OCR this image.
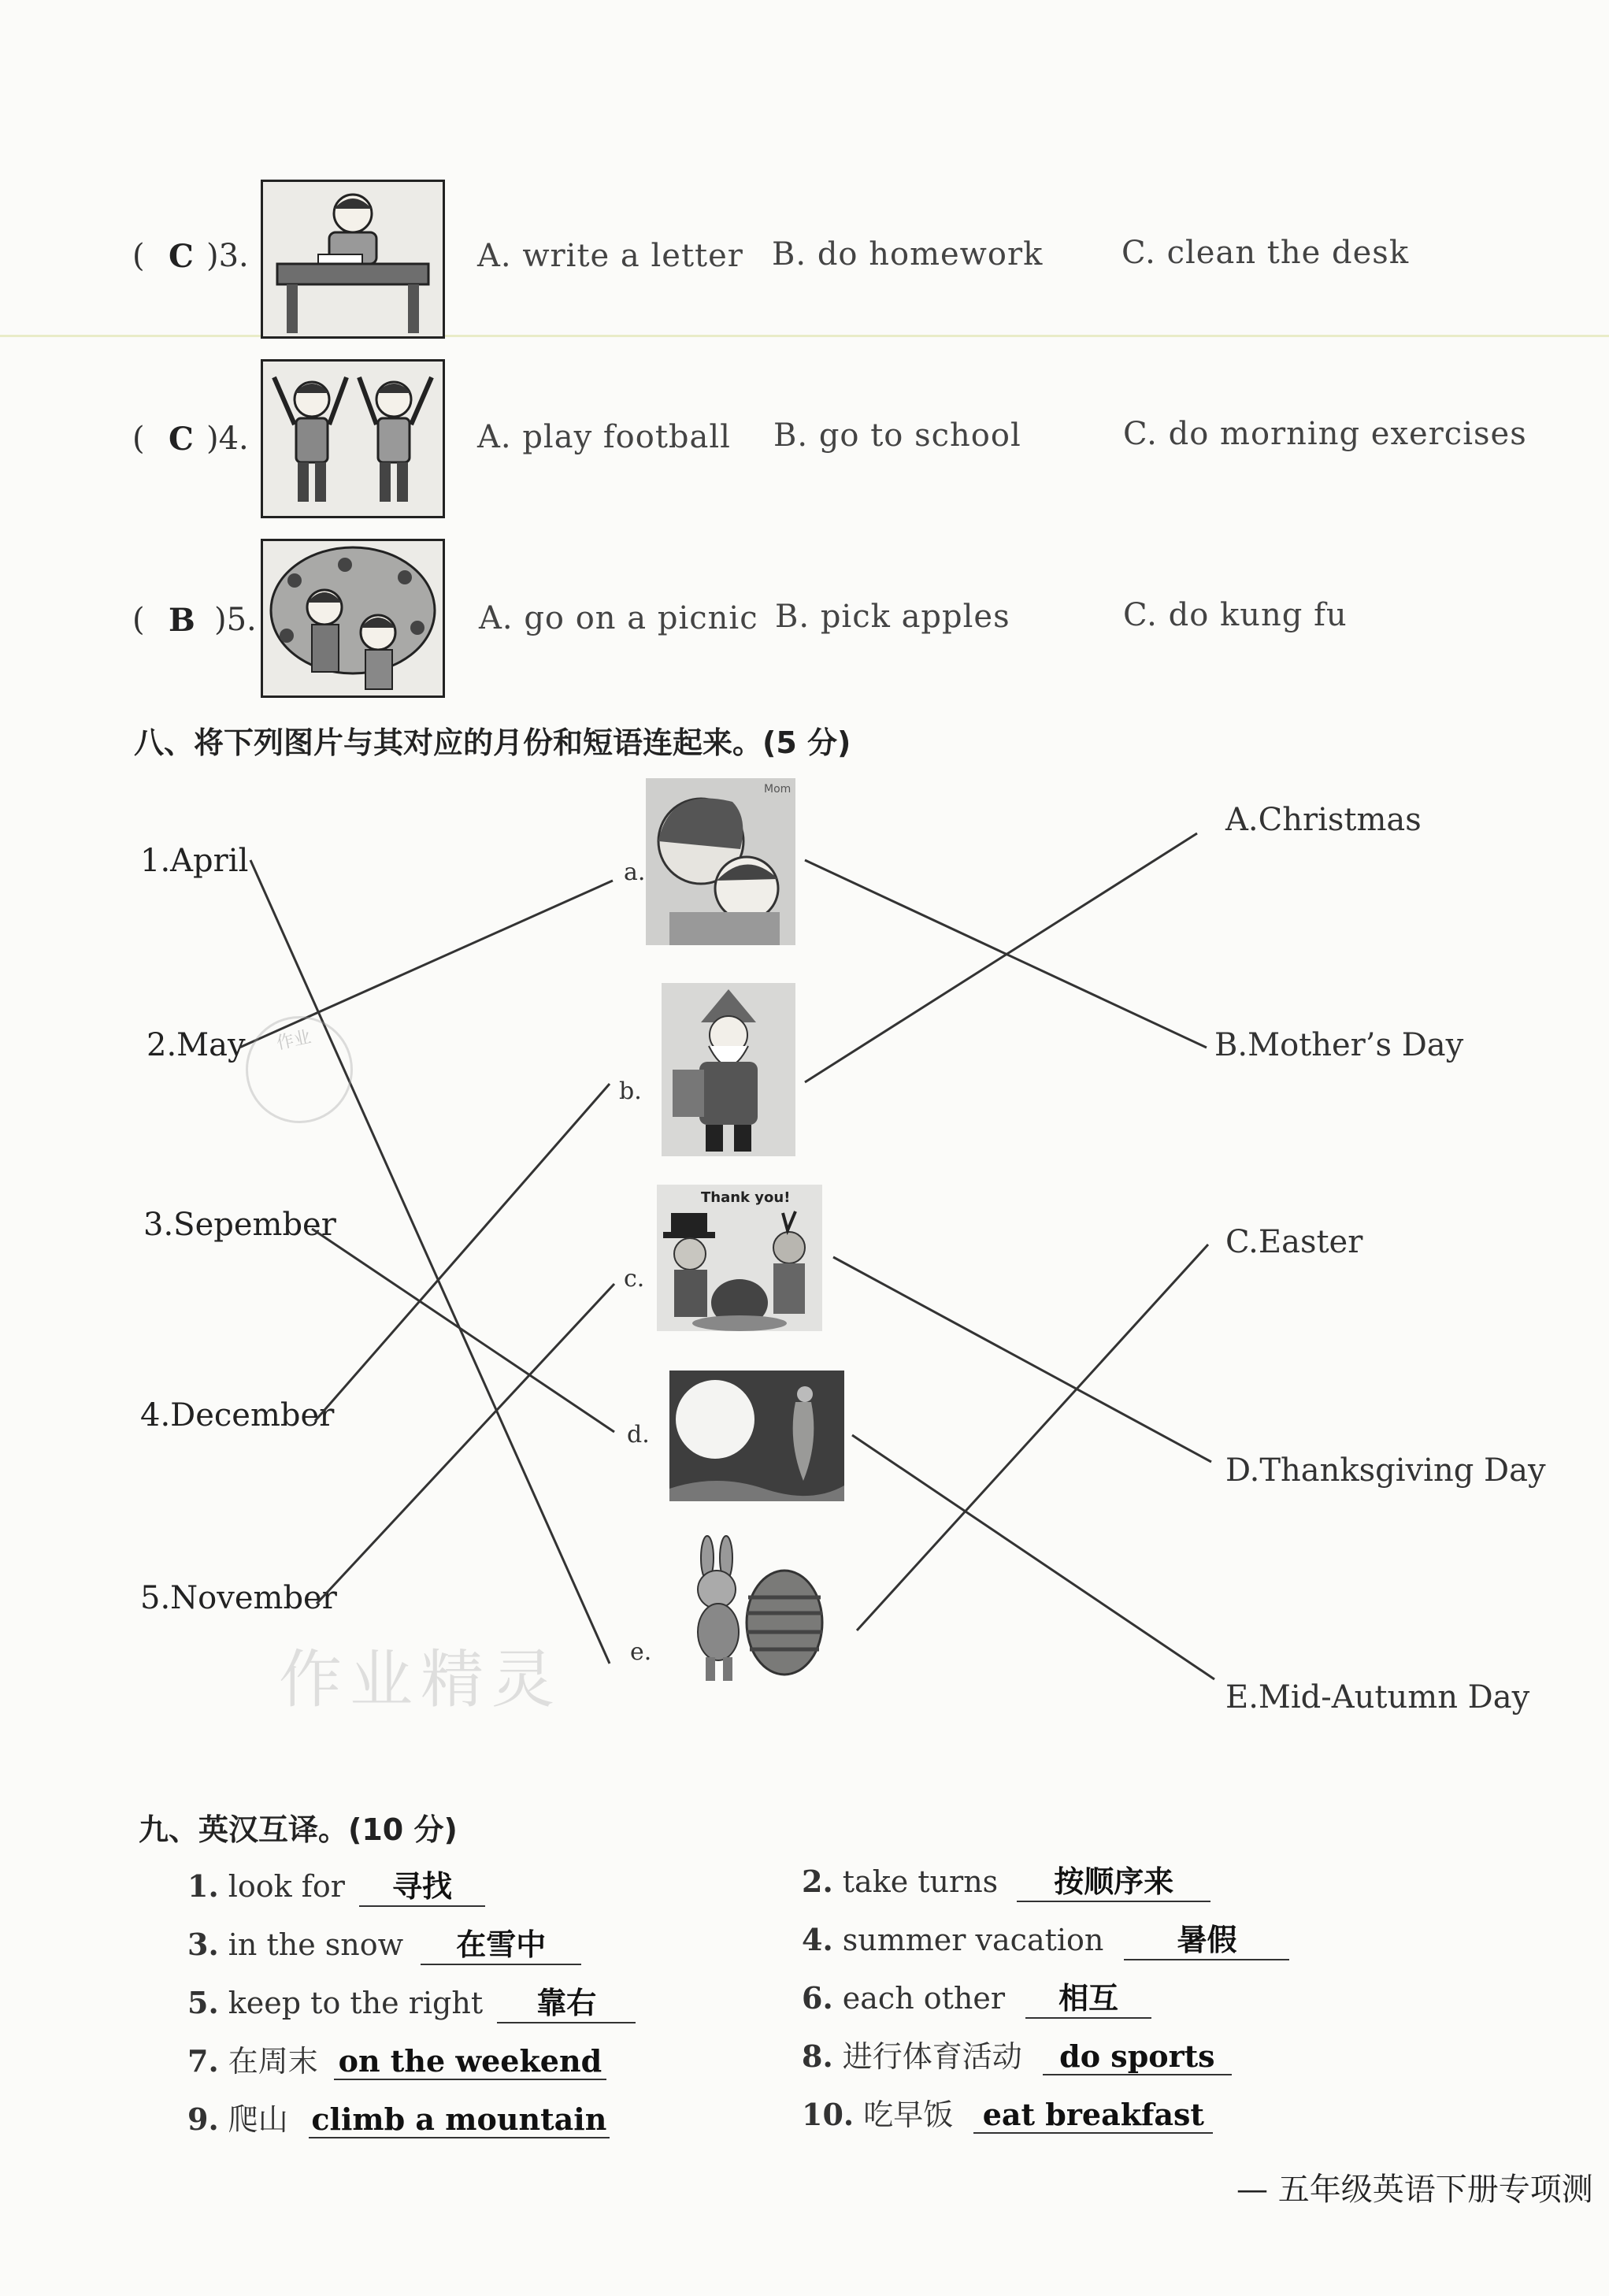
( C )3.	A. write a letter B. do homework C. clean the desk
( C )4.	A. play football B. go to school	C. do morning exercises
( B )5.	A. go on a picnic B. pick apples	C. do kung fu
八、将下列图片与其对应的月份和短语连起来。(5 分)
1.April
2.May
3.Sepember
4.December
5.November
a.
b.
c.
d.
e.
Mom
Thank you!
A.Christmas
B.Mother’s Day
C.Easter
D.Thanksgiving Day
E.Mid-Autumn Day
作业
作业精灵
九、英汉互译。(10 分)
1. look for 寻找
3. in the snow 在雪中
5. keep to the right 靠右
7. 在周末 on the weekend
9. 爬山 climb a mountain
2. take turns 按顺序来
4. summer vacation 暑假
6. each other 相互
8. 进行体育活动 do sports
10. 吃早饭 eat breakfast
— 五年级英语下册专项测
